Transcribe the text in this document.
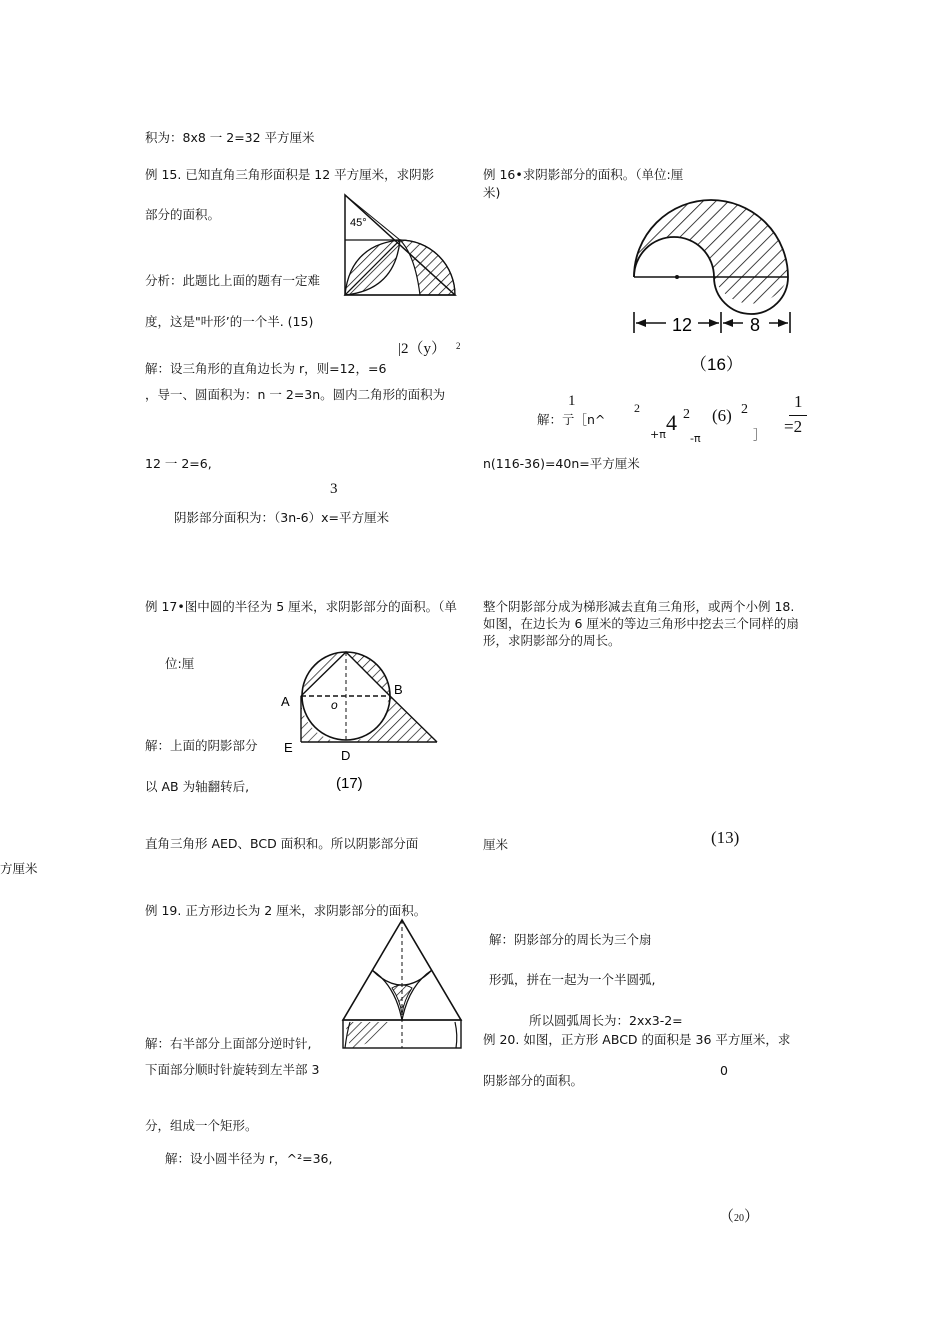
积为：8x8 一 2=32 平方厘米
例 15. 已知直角三角形面积是 12 平方厘米，求阴影
部分的面积。
分析：此题比上面的题有一定难
度，这是"叶形’的一个半. (15)
|2（y） 2
解：设三角形的直角边长为 r，则=12，=6
，导一、圆面积为：n 一 2=3n。圆内二角形的面积为
12 一 2=6,
3
阴影部分面积为：（3n-6）x=平方厘米
45°
例 16•求阴影部分的面积。（单位:厘
米)
12	8
（16）
1
解：亍［n^
2
+π 4 2
-π
(6) 2
］
1
=2
n(116-36)=40n=平方厘米
例 17•图中圆的半径为 5 厘米，求阴影部分的面积。（单
位:厘
解：上面的阴影部分
以 AB 为轴翻转后,
A
B
o
E
D
(17)
整个阴影部分成为梯形减去直角三角形，或两个小例 18. 如图，在边长为 6 厘米的等边三角形中挖去三个同样的扇形，求阴影部分的周长。
直角三角形 AED、BCD 面积和。所以阴影部分面
方厘米
厘米	(13)
例 19. 正方形边长为 2 厘米，求阴影部分的面积。
解：右半部分上面部分逆时针,
下面部分顺时针旋转到左半部 3
分，组成一个矩形。
解：设小圆半径为 r，^²=36,
解：阴影部分的周长为三个扇
形弧，拼在一起为一个半圆弧,
所以圆弧周长为：2xx3-2=
例 20. 如图，正方形 ABCD 的面积是 36 平方厘米，求
阴影部分的面积。
0
（20）
